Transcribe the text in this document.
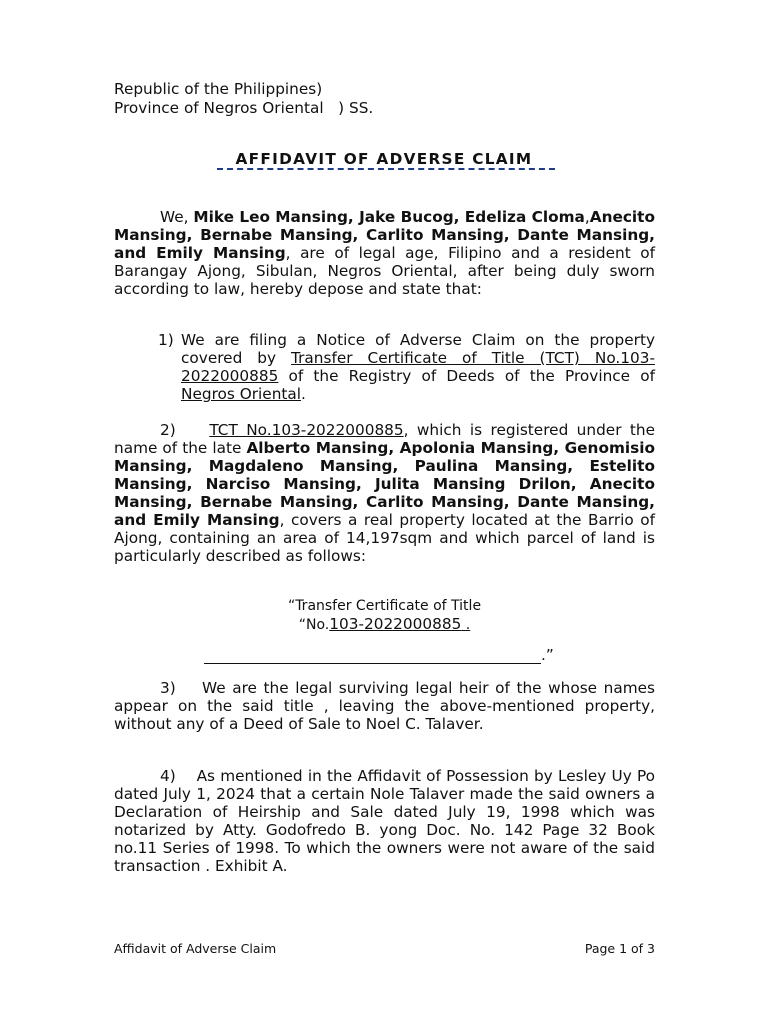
Republic of the Philippines)
Province of Negros Oriental   ) SS.
AFFIDAVIT OF ADVERSE CLAIM
We, Mike Leo Mansing, Jake Bucog, Edeliza Cloma,Anecito Mansing, Bernabe Mansing, Carlito Mansing, Dante Mansing, and Emily Mansing, are of legal age, Filipino and a resident of Barangay Ajong, Sibulan, Negros Oriental, after being duly sworn according to law, hereby depose and state that:
1) We are filing a Notice of Adverse Claim on the property covered by Transfer Certificate of Title (TCT) No.103-2022000885 of the Registry of Deeds of the Province of Negros Oriental.
2) TCT No.103-2022000885, which is registered under the name of the late Alberto Mansing, Apolonia Mansing, Genomisio Mansing, Magdaleno Mansing, Paulina Mansing, Estelito Mansing, Narciso Mansing, Julita Mansing Drilon, Anecito Mansing, Bernabe Mansing, Carlito Mansing, Dante Mansing, and Emily Mansing, covers a real property located at the Barrio of Ajong, containing an area of 14,197sqm and which parcel of land is particularly described as follows:
“Transfer Certificate of Title
“No.103-2022000885 .
.”
3) We are the legal surviving legal heir of the whose names appear on the said title , leaving the above-mentioned property, without any of a Deed of Sale to Noel C. Talaver.
4) As mentioned in the Affidavit of Possession by Lesley Uy Po dated July 1, 2024 that a certain Nole Talaver made the said owners a Declaration of Heirship and Sale dated July 19, 1998 which was notarized by Atty. Godofredo B. yong Doc. No. 142 Page 32 Book no.11 Series of 1998. To which the owners were not aware of the said transaction . Exhibit A.
Affidavit of Adverse Claim	Page 1 of 3
